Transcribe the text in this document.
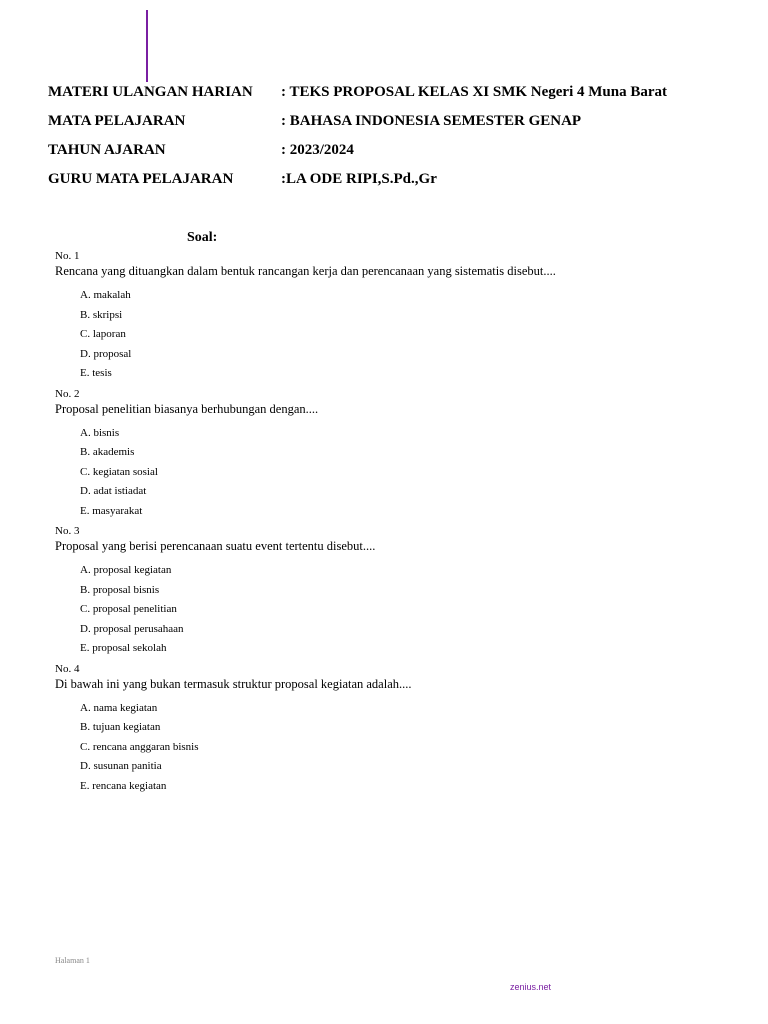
MATERI ULANGAN HARIAN : TEKS PROPOSAL KELAS XI SMK Negeri 4 Muna Barat
MATA PELAJARAN	: BAHASA INDONESIA SEMESTER GENAP
TAHUN AJARAN	: 2023/2024
GURU MATA PELAJARAN	:LA ODE RIPI,S.Pd.,Gr
Soal:
No. 1
Rencana yang dituangkan dalam bentuk rancangan kerja dan perencanaan yang sistematis disebut....
A. makalah
B. skripsi
C. laporan
D. proposal
E. tesis
No. 2
Proposal penelitian biasanya berhubungan dengan....
A. bisnis
B. akademis
C. kegiatan sosial
D. adat istiadat
E. masyarakat
No. 3
Proposal yang berisi perencanaan suatu event tertentu disebut....
A. proposal kegiatan
B. proposal bisnis
C. proposal penelitian
D. proposal perusahaan
E. proposal sekolah
No. 4
Di bawah ini yang bukan termasuk struktur proposal kegiatan adalah....
A. nama kegiatan
B. tujuan kegiatan
C. rencana anggaran bisnis
D. susunan panitia
E. rencana kegiatan
Halaman 1
zenius.net
